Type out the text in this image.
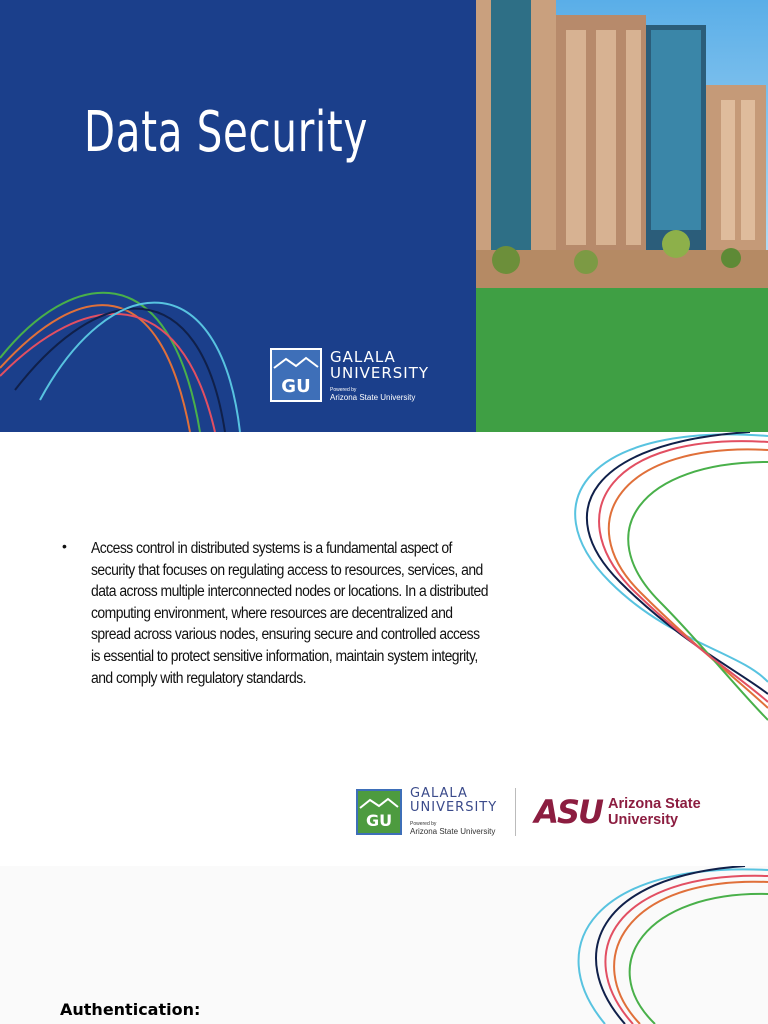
Data Security
GU
GALALA
UNIVERSITY
Powered by
Arizona State University
•	Access control in distributed systems is a fundamental aspect of security that focuses on regulating access to resources, services, and data across multiple interconnected nodes or locations. In a distributed computing environment, where resources are decentralized and spread across various nodes, ensuring secure and controlled access is essential to protect sensitive information, maintain system integrity, and comply with regulatory standards.
GU
GALALA
UNIVERSITY
Powered by
Arizona State University
ASU Arizona State
University
Authentication:
